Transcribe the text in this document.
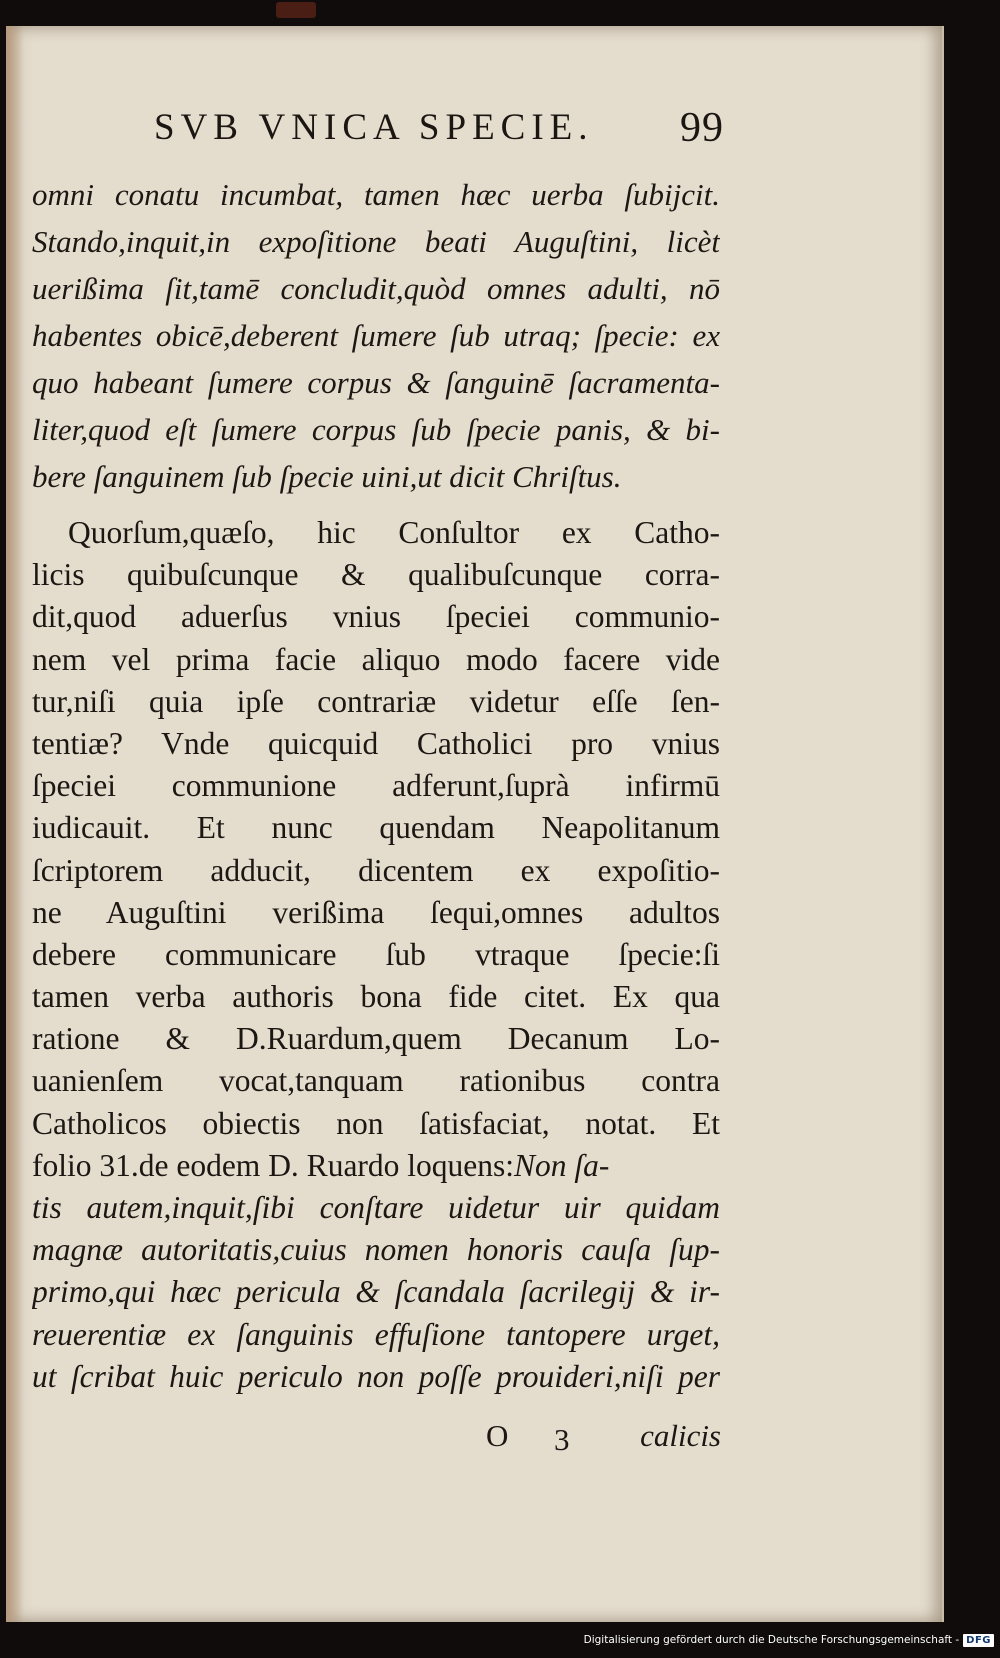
SVB VNICA SPECIE. 99
omni conatu incumbat, tamen hæc uerba ſubijcit.
Stando,inquit,in expoſitione beati Auguſtini, licèt
uerißima ſit,tamē concludit,quòd omnes adulti, nō
habentes obicē,deberent ſumere ſub utraq; ſpecie: ex
quo habeant ſumere corpus & ſanguinē ſacramenta-
liter,quod eſt ſumere corpus ſub ſpecie panis, & bi-
bere ſanguinem ſub ſpecie uini,ut dicit Chriſtus.
Quorſum,quæſo, hic Conſultor ex Catho-
licis quibuſcunque & qualibuſcunque corra-
dit,quod aduerſus vnius ſpeciei communio-
nem vel prima facie aliquo modo facere vide
tur,niſi quia ipſe contrariæ videtur eſſe ſen-
tentiæ? Vnde quicquid Catholici pro vnius
ſpeciei communione adferunt,ſuprà infirmū
iudicauit. Et nunc quendam Neapolitanum
ſcriptorem adducit, dicentem ex expoſitio-
ne Auguſtini verißima ſequi,omnes adultos
debere communicare ſub vtraque ſpecie:ſi
tamen verba authoris bona fide citet. Ex qua
ratione & D.Ruardum,quem Decanum Lo-
uanienſem vocat,tanquam rationibus contra
Catholicos obiectis non ſatisfaciat, notat. Et
folio 31.de eodem D. Ruardo loquens:Non ſa-
tis autem,inquit,ſibi conſtare uidetur uir quidam
magnæ autoritatis,cuius nomen honoris cauſa ſup-
primo,qui hæc pericula & ſcandala ſacrilegij & ir-
reuerentiæ ex ſanguinis effuſione tantopere urget,
ut ſcribat huic periculo non poſſe prouideri,niſi per
O 3 calicis
Digitalisierung gefördert durch die Deutsche Forschungsgemeinschaft - DFG
